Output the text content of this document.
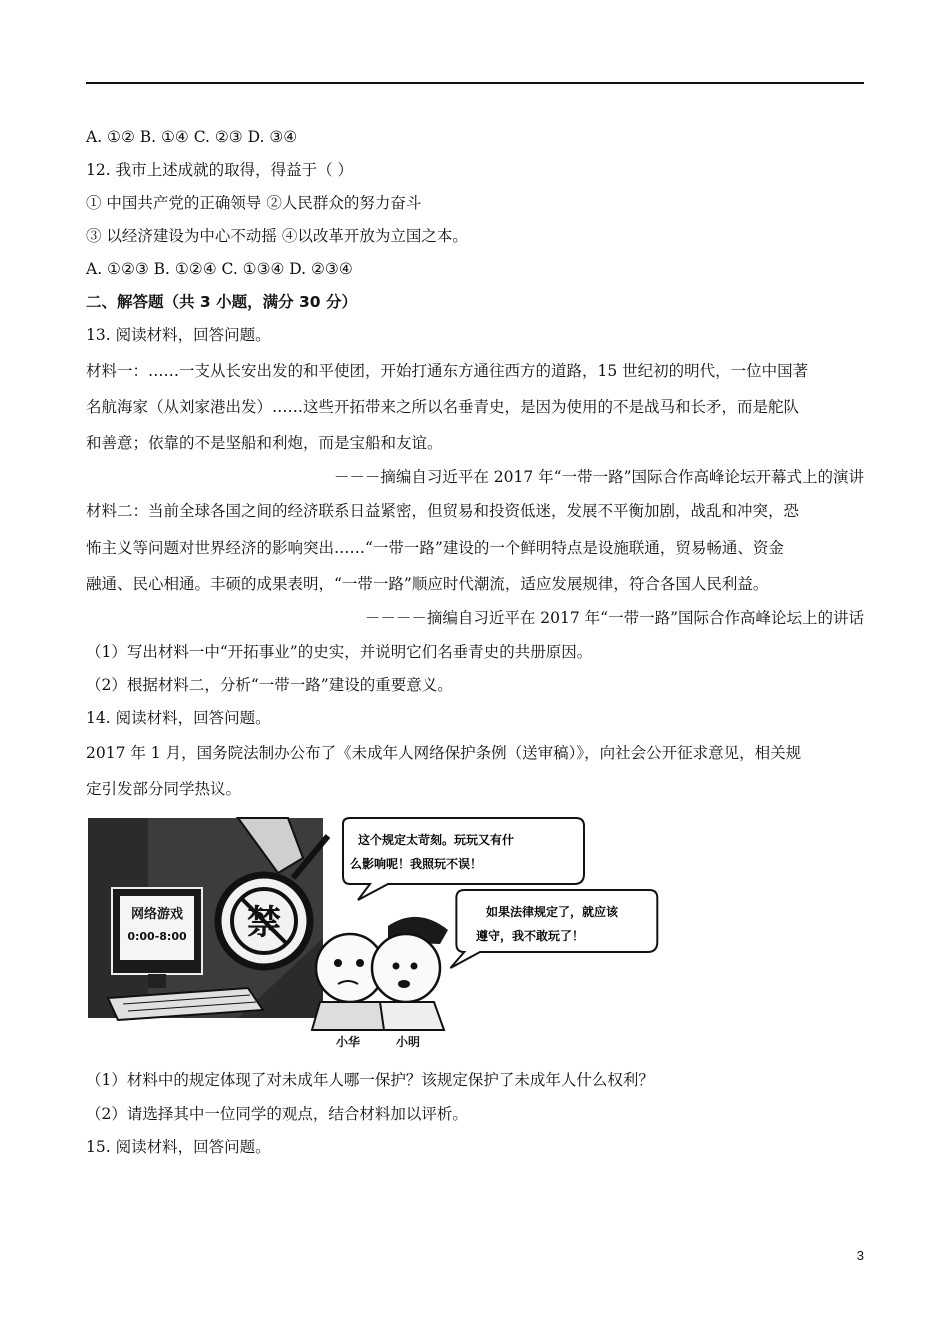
A. ①② B. ①④ C. ②③ D. ③④
12. 我市上述成就的取得，得益于（ ）
① 中国共产党的正确领导 ②人民群众的努力奋斗
③ 以经济建设为中心不动摇 ④以改革开放为立国之本。
A. ①②③ B. ①②④ C. ①③④ D. ②③④
二、解答题（共 3 小题，满分 30 分）
13. 阅读材料，回答问题。
材料一：……一支从长安出发的和平使团，开始打通东方通往西方的道路，15 世纪初的明代，一位中国著
名航海家（从刘家港出发）……这些开拓带来之所以名垂青史，是因为使用的不是战马和长矛，而是舵队
和善意；依靠的不是坚船和利炮，而是宝船和友谊。
－－－摘编自习近平在 2017 年“一带一路”国际合作高峰论坛开幕式上的演讲
材料二：当前全球各国之间的经济联系日益紧密，但贸易和投资低迷，发展不平衡加剧，战乱和冲突，恐
怖主义等问题对世界经济的影响突出……“一带一路”建设的一个鲜明特点是设施联通，贸易畅通、资金
融通、民心相通。丰硕的成果表明，“一带一路”顺应时代潮流，适应发展规律，符合各国人民利益。
－－－－摘编自习近平在 2017 年“一带一路”国际合作高峰论坛上的讲话
（1）写出材料一中“开拓事业”的史实，并说明它们名垂青史的共册原因。
（2）根据材料二，分析“一带一路”建设的重要意义。
14. 阅读材料，回答问题。
2017 年 1 月，国务院法制办公布了《未成年人网络保护条例（送审稿）》，向社会公开征求意见，相关规
定引发部分同学热议。
禁
网络游戏
0:00-8:00
这个规定太苛刻。玩玩又有什
么影响呢！我照玩不误！
如果法律规定了，就应该
遵守，我不敢玩了！
小华	小明
（1）材料中的规定体现了对未成年人哪一保护？该规定保护了未成年人什么权利？
（2）请选择其中一位同学的观点，结合材料加以评析。
15. 阅读材料，回答问题。
3
